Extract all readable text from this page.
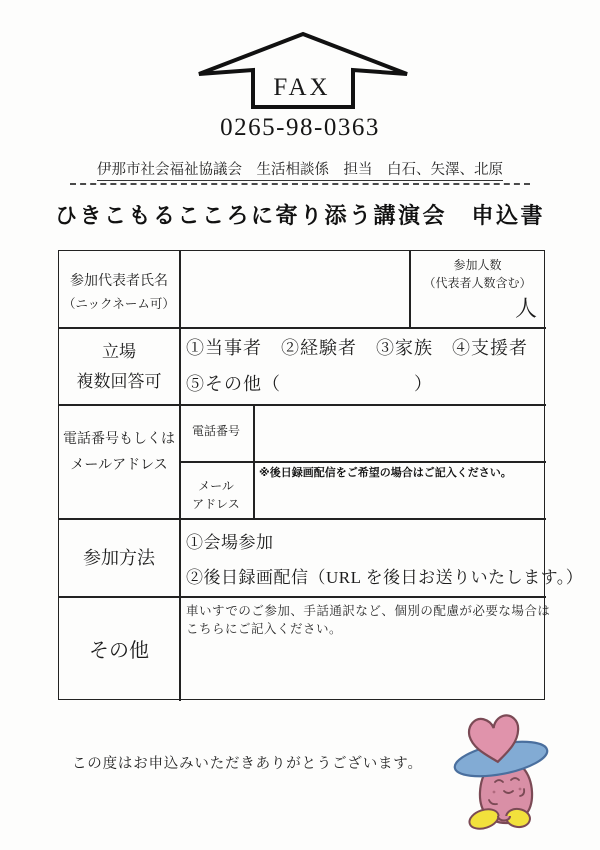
FAX
0265-98-0363
伊那市社会福祉協議会　生活相談係　担当　白石、矢澤、北原
ひきこもるこころに寄り添う講演会　申込書
参加代表者氏名
（ニックネーム可）
参加人数
（代表者人数含む）
人
立場
複数回答可
①当事者　②経験者　③家族　④支援者
⑤その他（　　　　　　　）
電話番号もしくは
メールアドレス
電話番号
メール
アドレス
※後日録画配信をご希望の場合はご記入ください。
参加方法
①会場参加
②後日録画配信（URL を後日お送りいたします。）
その他
車いすでのご参加、手話通訳など、個別の配慮が必要な場合は
こちらにご記入ください。
この度はお申込みいただきありがとうございます。
